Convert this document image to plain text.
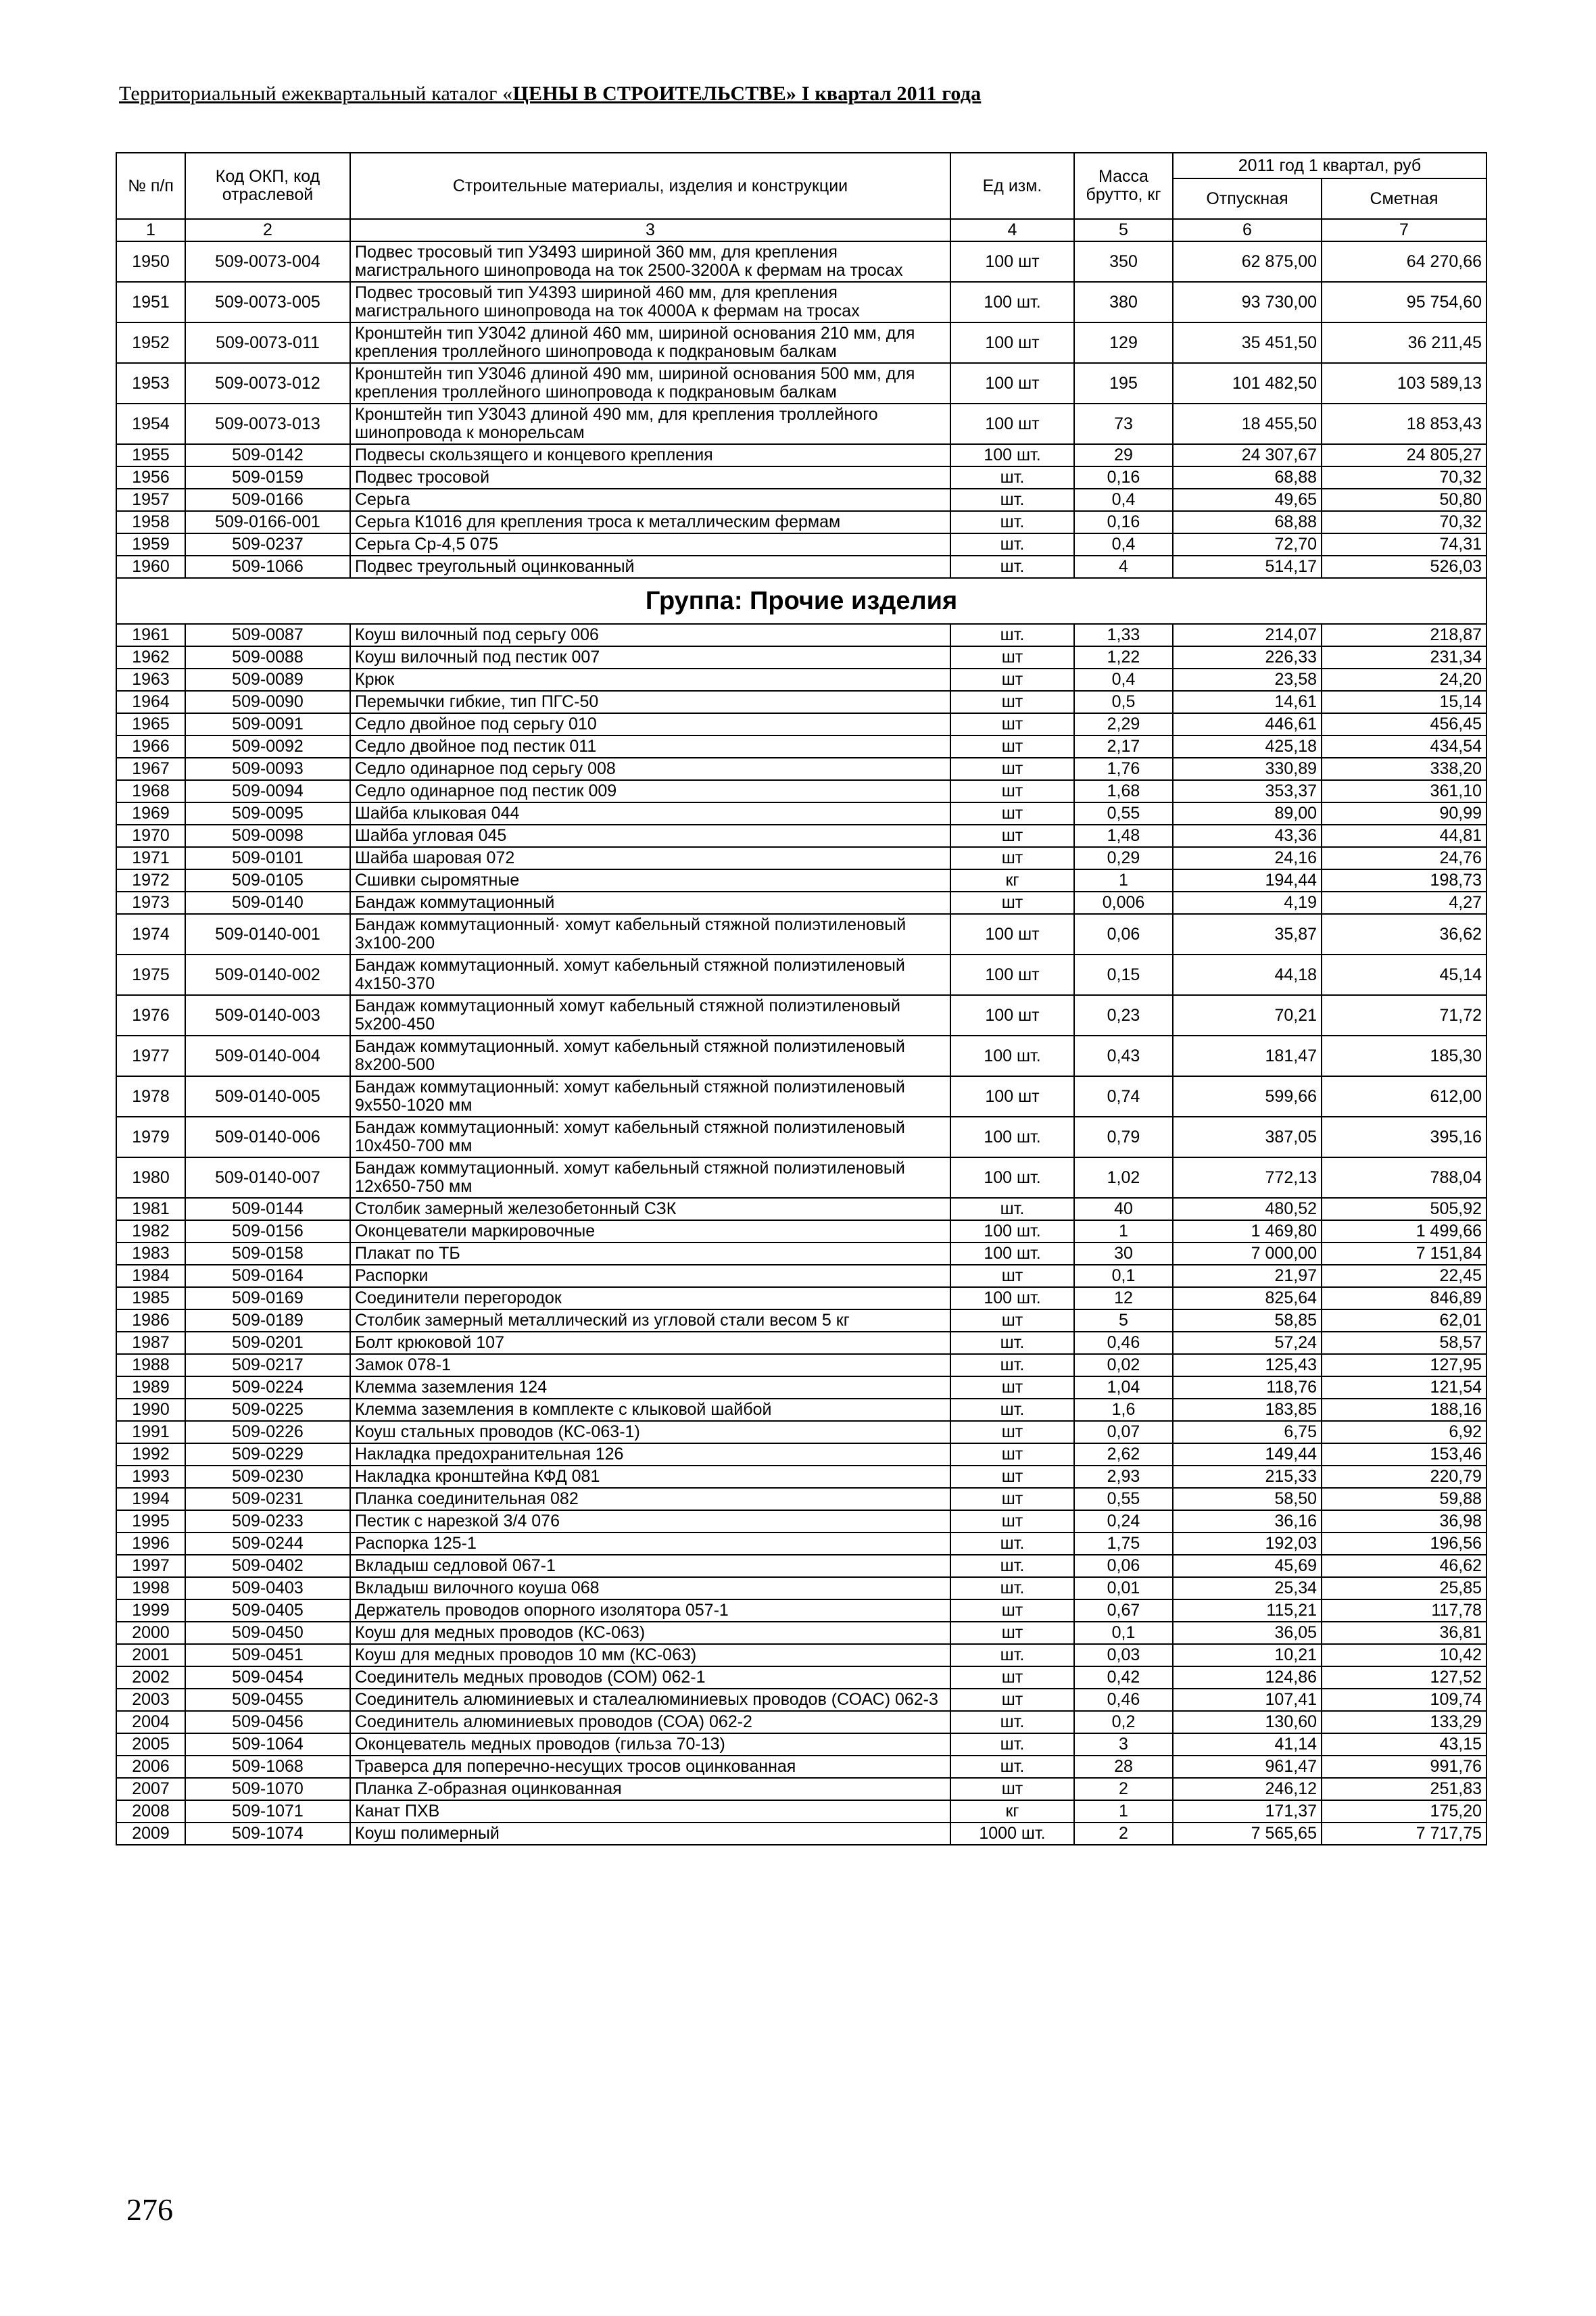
Территориальный ежеквартальный каталог «ЦЕНЫ В СТРОИТЕЛЬСТВЕ» I квартал 2011 года
№ п/п	Код ОКП, код отраслевой	Строительные материалы, изделия и конструкции	Ед изм.	Масса брутто, кг	2011 год 1 квартал, руб	
					Отпускная	Сметная
1	2	3	4	5	6	7
1950	509-0073-004	Подвес тросовый тип У3493 шириной 360 мм, для крепления магистрального шинопровода на ток 2500-3200А к фермам на тросах	100 шт	350	62 875,00	64 270,66
1951	509-0073-005	Подвес тросовый тип У4393 шириной 460 мм, для крепления магистрального шинопровода на ток 4000А к фермам на тросах	100 шт.	380	93 730,00	95 754,60
1952	509-0073-011	Кронштейн тип У3042 длиной 460 мм, шириной основания 210 мм, для крепления троллейного шинопровода к подкрановым балкам	100 шт	129	35 451,50	36 211,45
1953	509-0073-012	Кронштейн тип У3046 длиной 490 мм, шириной основания 500 мм, для крепления троллейного шинопровода к подкрановым балкам	100 шт	195	101 482,50	103 589,13
1954	509-0073-013	Кронштейн тип У3043 длиной 490 мм, для крепления троллейного шинопровода к монорельсам	100 шт	73	18 455,50	18 853,43
1955	509-0142	Подвесы скользящего и концевого крепления	100 шт.	29	24 307,67	24 805,27
1956	509-0159	Подвес тросовой	шт.	0,16	68,88	70,32
1957	509-0166	Серьга	шт.	0,4	49,65	50,80
1958	509-0166-001	Серьга К1016 для крепления троса к металлическим фермам	шт.	0,16	68,88	70,32
1959	509-0237	Серьга Ср-4,5 075	шт.	0,4	72,70	74,31
1960	509-1066	Подвес треугольный оцинкованный	шт.	4	514,17	526,03
Группа: Прочие изделия						
1961	509-0087	Коуш вилочный под серьгу 006	шт.	1,33	214,07	218,87
1962	509-0088	Коуш вилочный под пестик 007	шт	1,22	226,33	231,34
1963	509-0089	Крюк	шт	0,4	23,58	24,20
1964	509-0090	Перемычки гибкие, тип ПГС-50	шт	0,5	14,61	15,14
1965	509-0091	Седло двойное под серьгу 010	шт	2,29	446,61	456,45
1966	509-0092	Седло двойное под пестик 011	шт	2,17	425,18	434,54
1967	509-0093	Седло одинарное под серьгу 008	шт	1,76	330,89	338,20
1968	509-0094	Седло одинарное под пестик 009	шт	1,68	353,37	361,10
1969	509-0095	Шайба клыковая 044	шт	0,55	89,00	90,99
1970	509-0098	Шайба угловая 045	шт	1,48	43,36	44,81
1971	509-0101	Шайба шаровая 072	шт	0,29	24,16	24,76
1972	509-0105	Сшивки сыромятные	кг	1	194,44	198,73
1973	509-0140	Бандаж коммутационный	шт	0,006	4,19	4,27
1974	509-0140-001	Бандаж коммутационный· хомут кабельный стяжной полиэтиленовый 3х100-200	100 шт	0,06	35,87	36,62
1975	509-0140-002	Бандаж коммутационный. хомут кабельный стяжной полиэтиленовый 4х150-370	100 шт	0,15	44,18	45,14
1976	509-0140-003	Бандаж коммутационный хомут кабельный стяжной полиэтиленовый 5х200-450	100 шт	0,23	70,21	71,72
1977	509-0140-004	Бандаж коммутационный. хомут кабельный стяжной полиэтиленовый 8х200-500	100 шт.	0,43	181,47	185,30
1978	509-0140-005	Бандаж коммутационный: хомут кабельный стяжной полиэтиленовый 9х550-1020 мм	100 шт	0,74	599,66	612,00
1979	509-0140-006	Бандаж коммутационный: хомут кабельный стяжной полиэтиленовый 10х450-700 мм	100 шт.	0,79	387,05	395,16
1980	509-0140-007	Бандаж коммутационный. хомут кабельный стяжной полиэтиленовый 12х650-750 мм	100 шт.	1,02	772,13	788,04
1981	509-0144	Столбик замерный железобетонный СЗК	шт.	40	480,52	505,92
1982	509-0156	Оконцеватели маркировочные	100 шт.	1	1 469,80	1 499,66
1983	509-0158	Плакат по ТБ	100 шт.	30	7 000,00	7 151,84
1984	509-0164	Распорки	шт	0,1	21,97	22,45
1985	509-0169	Соединители перегородок	100 шт.	12	825,64	846,89
1986	509-0189	Столбик замерный металлический из угловой стали весом 5 кг	шт	5	58,85	62,01
1987	509-0201	Болт крюковой 107	шт.	0,46	57,24	58,57
1988	509-0217	Замок 078-1	шт.	0,02	125,43	127,95
1989	509-0224	Клемма заземления 124	шт	1,04	118,76	121,54
1990	509-0225	Клемма заземления в комплекте с клыковой шайбой	шт.	1,6	183,85	188,16
1991	509-0226	Коуш стальных проводов (КС-063-1)	шт	0,07	6,75	6,92
1992	509-0229	Накладка предохранительная 126	шт	2,62	149,44	153,46
1993	509-0230	Накладка кронштейна КФД 081	шт	2,93	215,33	220,79
1994	509-0231	Планка соединительная 082	шт	0,55	58,50	59,88
1995	509-0233	Пестик с нарезкой 3/4 076	шт	0,24	36,16	36,98
1996	509-0244	Распорка 125-1	шт.	1,75	192,03	196,56
1997	509-0402	Вкладыш седловой 067-1	шт.	0,06	45,69	46,62
1998	509-0403	Вкладыш вилочного коуша 068	шт.	0,01	25,34	25,85
1999	509-0405	Держатель проводов опорного изолятора 057-1	шт	0,67	115,21	117,78
2000	509-0450	Коуш для медных проводов (КС-063)	шт	0,1	36,05	36,81
2001	509-0451	Коуш для медных проводов 10 мм (КС-063)	шт.	0,03	10,21	10,42
2002	509-0454	Соединитель медных проводов (СОМ) 062-1	шт	0,42	124,86	127,52
2003	509-0455	Соединитель алюминиевых и сталеалюминиевых проводов (СОАС) 062-3	шт	0,46	107,41	109,74
2004	509-0456	Соединитель алюминиевых проводов (СОА) 062-2	шт.	0,2	130,60	133,29
2005	509-1064	Оконцеватель медных проводов (гильза 70-13)	шт.	3	41,14	43,15
2006	509-1068	Траверса для поперечно-несущих тросов оцинкованная	шт.	28	961,47	991,76
2007	509-1070	Планка Z-образная оцинкованная	шт	2	246,12	251,83
2008	509-1071	Канат ПХВ	кг	1	171,37	175,20
2009	509-1074	Коуш полимерный	1000 шт.	2	7 565,65	7 717,75
276
